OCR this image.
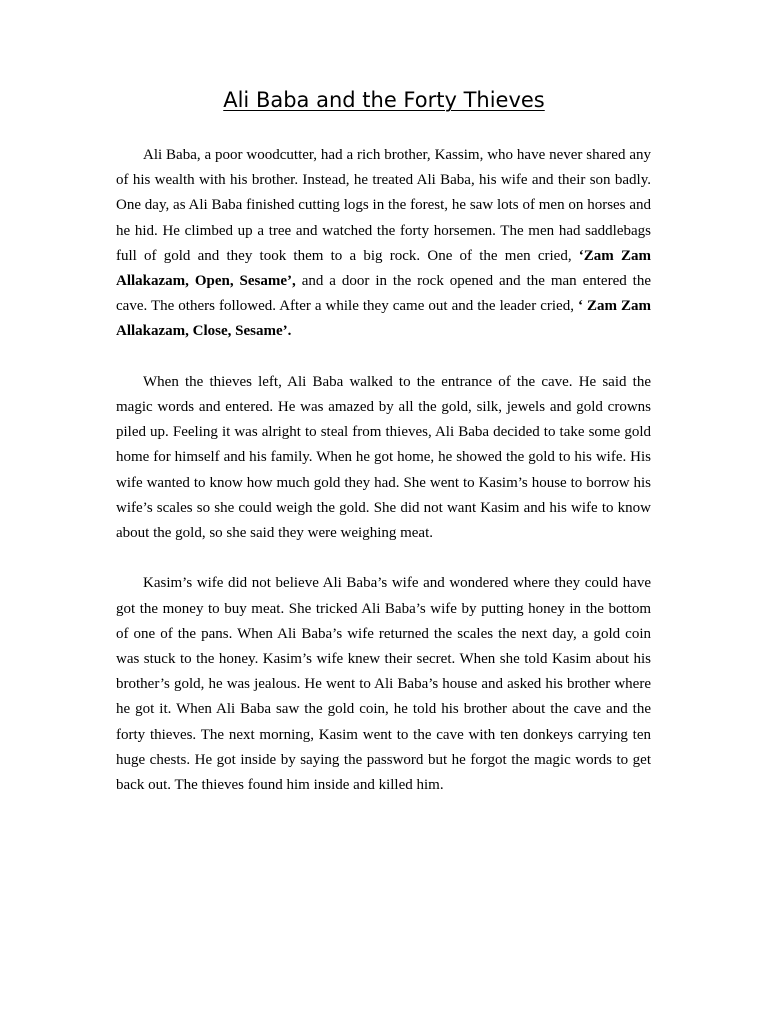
Ali Baba and the Forty Thieves

Ali Baba, a poor woodcutter, had a rich brother, Kassim, who have never shared any of his wealth with his brother. Instead, he treated Ali Baba, his wife and their son badly. One day, as Ali Baba finished cutting logs in the forest, he saw lots of men on horses and he hid. He climbed up a tree and watched the forty horsemen. The men had saddlebags full of gold and they took them to a big rock. One of the men cried, ‘Zam Zam Allakazam, Open, Sesame’, and a door in the rock opened and the man entered the cave. The others followed. After a while they came out and the leader cried, ‘ Zam Zam Allakazam, Close, Sesame’.

When the thieves left, Ali Baba walked to the entrance of the cave. He said the magic words and entered. He was amazed by all the gold, silk, jewels and gold crowns piled up. Feeling it was alright to steal from thieves, Ali Baba decided to take some gold home for himself and his family. When he got home, he showed the gold to his wife. His wife wanted to know how much gold they had. She went to Kasim’s house to borrow his wife’s scales so she could weigh the gold. She did not want Kasim and his wife to know about the gold, so she said they were weighing meat.

Kasim’s wife did not believe Ali Baba’s wife and wondered where they could have got the money to buy meat. She tricked Ali Baba’s wife by putting honey in the bottom of one of the pans. When Ali Baba’s wife returned the scales the next day, a gold coin was stuck to the honey. Kasim’s wife knew their secret. When she told Kasim about his brother’s gold, he was jealous. He went to Ali Baba’s house and asked his brother where he got it. When Ali Baba saw the gold coin, he told his brother about the cave and the forty thieves. The next morning, Kasim went to the cave with ten donkeys carrying ten huge chests. He got inside by saying the password but he forgot the magic words to get back out. The thieves found him inside and killed him.
